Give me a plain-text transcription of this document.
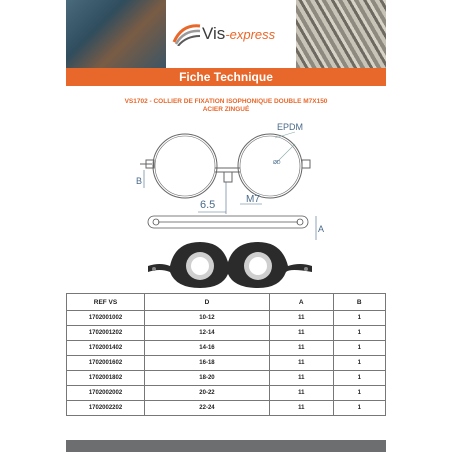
Vis-express
Fiche Technique
VS1702 - COLLIER DE FIXATION ISOPHONIQUE DOUBLE M7X150
ACIER ZINGUÉ
EPDM
B
ØD
6.5	M7
A
REF VS	D	A	B
1702001002	10-12	11	1
1702001202	12-14	11	1
1702001402	14-16	11	1
1702001602	16-18	11	1
1702001802	18-20	11	1
1702002002	20-22	11	1
1702002202	22-24	11	1
